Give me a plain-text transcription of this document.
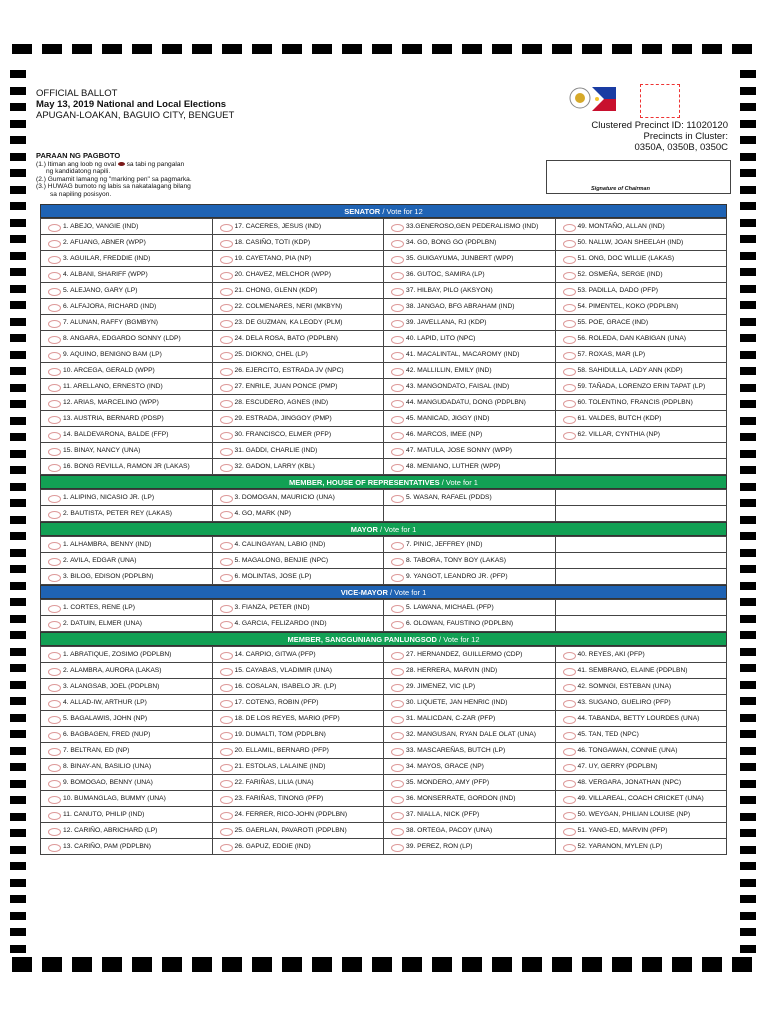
OFFICIAL BALLOT
May 13, 2019 National and Local Elections
APUGAN-LOAKAN, BAGUIO CITY, BENGUET
Clustered Precinct ID: 11020120
Precincts in Cluster:
0350A, 0350B, 0350C
PARAAN NG PAGBOTO
(1.) Itiman ang loob ng oval sa tabi ng pangalan
ng kandidatong napili.
(2.) Gumamit lamang ng "marking pen" sa pagmarka.
(3.) HUWAG bumoto ng labis sa nakatalagang bilang
sa napiling posisyon.
Signature of Chairman
SENATOR / Vote for 12
1. ABEJO, VANGIE (IND)	17. CACERES, JESUS (IND)	33.GENEROSO,GEN PEDERALISMO (IND)	49. MONTAÑO, ALLAN (IND)

2. AFUANG, ABNER (WPP)	18. CASIÑO, TOTI (KDP)	34. GO, BONG GO (PDPLBN)	50. NALLW, JOAN SHEELAH (IND)

3. AGUILAR, FREDDIE (IND)	19. CAYETANO, PIA (NP)	35. GUIGAYUMA, JUNBERT (WPP)	51. ONG, DOC WILLIE (LAKAS)

4. ALBANI, SHARIFF (WPP)	20. CHAVEZ, MELCHOR (WPP)	36. GUTOC, SAMIRA (LP)	52. OSMEÑA, SERGE (IND)

5. ALEJANO, GARY (LP)	21. CHONG, GLENN (KDP)	37. HILBAY, PILO (AKSYON)	53. PADILLA, DADO (PFP)

6. ALFAJORA, RICHARD (IND)	22. COLMENARES, NERI (MKBYN)	38. JANGAO, BFG ABRAHAM (IND)	54. PIMENTEL, KOKO (PDPLBN)

7. ALUNAN, RAFFY (BGMBYN)	23. DE GUZMAN, KA LEODY (PLM)	39. JAVELLANA, RJ (KDP)	55. POE, GRACE (IND)

8. ANGARA, EDGARDO SONNY (LDP)	24. DELA ROSA, BATO (PDPLBN)	40. LAPID, LITO (NPC)	56. ROLEDA, DAN KABIGAN (UNA)

9. AQUINO, BENIGNO BAM (LP)	25. DIOKNO, CHEL (LP)	41. MACALINTAL, MACAROMY (IND)	57. ROXAS, MAR (LP)

10. ARCEGA, GERALD (WPP)	26. EJERCITO, ESTRADA JV (NPC)	42. MALLILLIN, EMILY (IND)	58. SAHIDULLA, LADY ANN (KDP)

11. ARELLANO, ERNESTO (IND)	27. ENRILE, JUAN PONCE (PMP)	43. MANGONDATO, FAISAL (IND)	59. TAÑADA, LORENZO ERIN TAPAT (LP)

12. ARIAS, MARCELINO (WPP)	28. ESCUDERO, AGNES (IND)	44. MANGUDADATU, DONG (PDPLBN)	60. TOLENTINO, FRANCIS (PDPLBN)

13. AUSTRIA, BERNARD (PDSP)	29. ESTRADA, JINGGOY (PMP)	45. MANICAD, JIGGY (IND)	61. VALDES, BUTCH (KDP)

14. BALDEVARONA, BALDE (FFP)	30. FRANCISCO, ELMER (PFP)	46. MARCOS, IMEE (NP)	62. VILLAR, CYNTHIA (NP)

15. BINAY, NANCY (UNA)	31. GADDI, CHARLIE (IND)	47. MATULA, JOSE SONNY (WPP)	

16. BONG REVILLA, RAMON JR (LAKAS)	32. GADON, LARRY (KBL)	48. MENIANO, LUTHER (WPP)	
MEMBER, HOUSE OF REPRESENTATIVES / Vote for 1
1. ALIPING, NICASIO JR. (LP)	3. DOMOGAN, MAURICIO (UNA)	5. WASAN, RAFAEL (PDDS)	

2. BAUTISTA, PETER REY (LAKAS)	4. GO, MARK (NP)		
MAYOR / Vote for 1
1. ALHAMBRA, BENNY (IND)	4. CALINGAYAN, LABIO (IND)	7. PINIC, JEFFREY (IND)	

2. AVILA, EDGAR (UNA)	5. MAGALONG, BENJIE (NPC)	8. TABORA, TONY BOY (LAKAS)	

3. BILOG, EDISON (PDPLBN)	6. MOLINTAS, JOSE (LP)	9. YANGOT, LEANDRO JR. (PFP)	
VICE-MAYOR / Vote for 1
1. CORTES, RENE (LP)	3. FIANZA, PETER (IND)	5. LAWANA, MICHAEL (PFP)	

2. DATUIN, ELMER (UNA)	4. GARCIA, FELIZARDO (IND)	6. OLOWAN, FAUSTINO (PDPLBN)	
MEMBER, SANGGUNIANG PANLUNGSOD / Vote for 12
1. ABRATIQUE, ZOSIMO (PDPLBN)	14. CARPIO, GITWA (PFP)	27. HERNANDEZ, GUILLERMO (CDP)	40. REYES, AKI (PFP)

2. ALAMBRA, AURORA (LAKAS)	15. CAYABAS, VLADIMIR (UNA)	28. HERRERA, MARVIN (IND)	41. SEMBRANO, ELAINE (PDPLBN)

3. ALANGSAB, JOEL (PDPLBN)	16. COSALAN, ISABELO JR. (LP)	29. JIMENEZ, VIC (LP)	42. SOMNGI, ESTEBAN (UNA)

4. ALLAD-IW, ARTHUR (LP)	17. COTENG, ROBIN (PFP)	30. LIQUETE, JAN HENRIC (IND)	43. SUGANO, GUELIRO (PFP)

5. BAGALAWIS, JOHN (NP)	18. DE LOS REYES, MARIO (PFP)	31. MALICDAN, C-ZAR (PFP)	44. TABANDA, BETTY LOURDES (UNA)

6. BAGBAGEN, FRED (NUP)	19. DUMALTI, TOM (PDPLBN)	32. MANGUSAN, RYAN DALE OLAT (UNA)	45. TAN, TED (NPC)

7. BELTRAN, ED (NP)	20. ELLAMIL, BERNARD (PFP)	33. MASCAREÑAS, BUTCH (LP)	46. TONGAWAN, CONNIE (UNA)

8. BINAY-AN, BASILIO (UNA)	21. ESTOLAS, LALAINE (IND)	34. MAYOS, GRACE (NP)	47. UY, GERRY (PDPLBN)

9. BOMOGAO, BENNY (UNA)	22. FARIÑAS, LILIA (UNA)	35. MONDERO, AMY (PFP)	48. VERGARA, JONATHAN (NPC)

10. BUMANGLAG, BUMMY (UNA)	23. FARIÑAS, TINONG (PFP)	36. MONSERRATE, GORDON (IND)	49. VILLAREAL, COACH CRICKET (UNA)

11. CANUTO, PHILIP (IND)	24. FERRER, RICO-JOHN (PDPLBN)	37. NIALLA, NICK (PFP)	50. WEYGAN, PHILIAN LOUISE (NP)

12. CARIÑO, ABRICHARD (LP)	25. GAERLAN, PAVAROTI (PDPLBN)	38. ORTEGA, PACOY (UNA)	51. YANG-ED, MARVIN (PFP)

13. CARIÑO, PAM (PDPLBN)	26. GAPUZ, EDDIE (IND)	39. PEREZ, RON (LP)	52. YARANON, MYLEN (LP)
